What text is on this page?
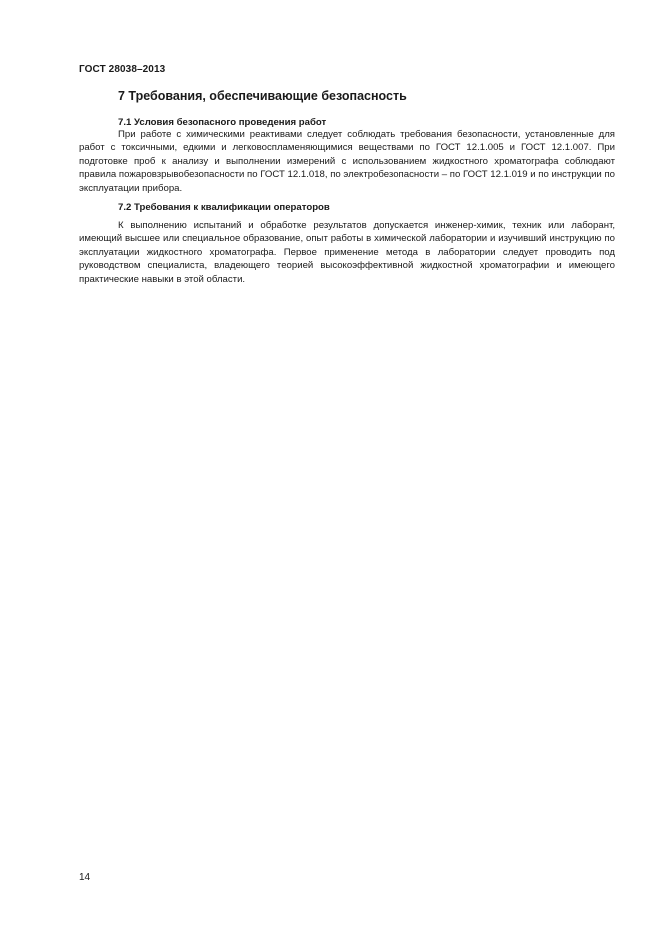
ГОСТ 28038–2013
7 Требования, обеспечивающие безопасность
7.1 Условия безопасного проведения работ

При работе с химическими реактивами следует соблюдать требования безопасности, установленные для работ с токсичными, едкими и легковоспламеняющимися веществами по ГОСТ 12.1.005 и ГОСТ 12.1.007. При подготовке проб к анализу и выполнении измерений с использованием жидкостного хроматографа соблюдают правила пожаровзрывобезопасности по ГОСТ 12.1.018, по электробезопасности – по ГОСТ 12.1.019 и по инструкции по эксплуатации прибора.

7.2 Требования к квалификации операторов

К выполнению испытаний и обработке результатов допускается инженер-химик, техник или лаборант, имеющий высшее или специальное образование, опыт работы в химической лаборатории и изучивший инструкцию по эксплуатации жидкостного хроматографа. Первое применение метода в лаборатории следует проводить под руководством специалиста, владеющего теорией высокоэффективной жидкостной хроматографии и имеющего практические навыки в этой области.

14
